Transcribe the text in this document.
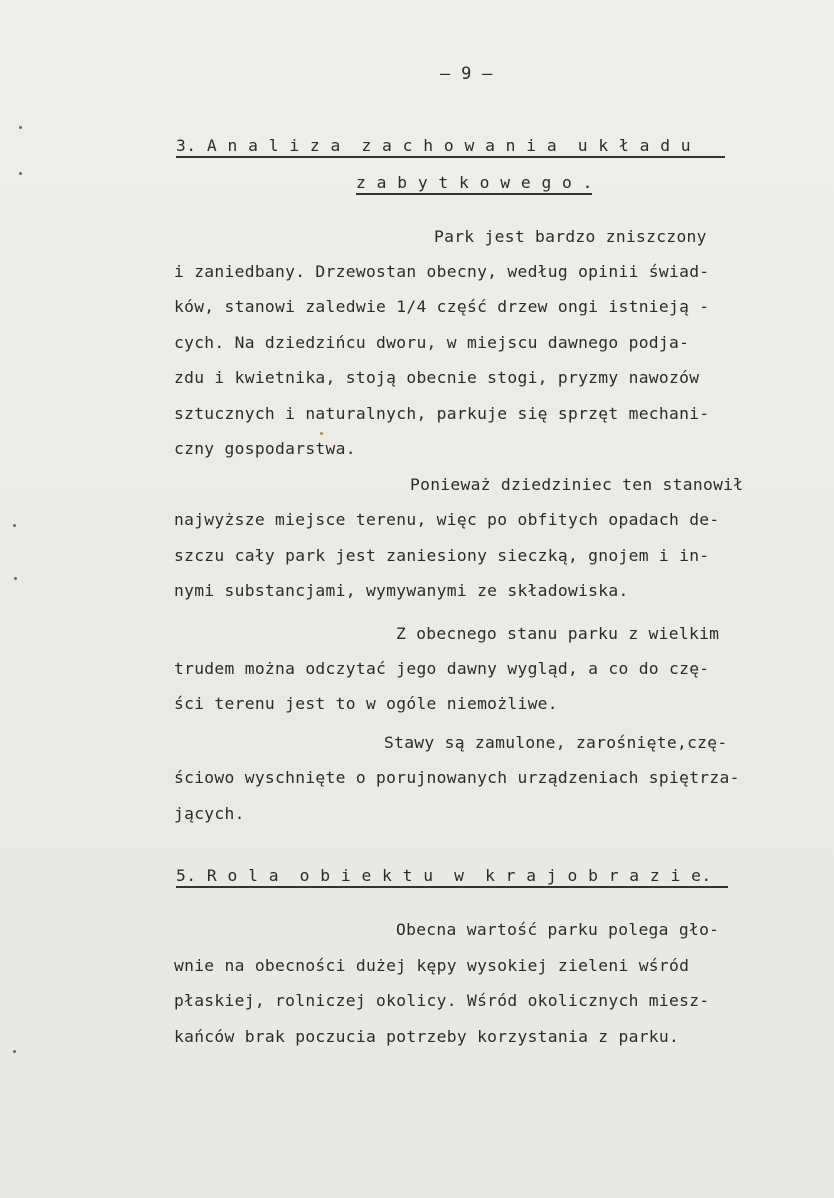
— 9 —
3. A n a l i z a  z a c h o w a n i a  u k ł a d u
z a b y t k o w e g o .
Park jest bardzo zniszczony
i zaniedbany. Drzewostan obecny, według opinii świad-
ków, stanowi zaledwie 1/4 część drzew ongi istnieją -
cych. Na dziedzińcu dworu, w miejscu dawnego podja-
zdu i kwietnika, stoją obecnie stogi, pryzmy nawozów
sztucznych i naturalnych, parkuje się sprzęt mechani-
czny gospodarstwa.
Ponieważ dziedziniec ten stanowił
najwyższe miejsce terenu, więc po obfitych opadach de-
szczu cały park jest zaniesiony sieczką, gnojem i in-
nymi substancjami, wymywanymi ze składowiska.
Z obecnego stanu parku z wielkim
trudem można odczytać jego dawny wygląd, a co do czę-
ści terenu jest to w ogóle niemożliwe.
Stawy są zamulone, zarośnięte,czę-
ściowo wyschnięte o porujnowanych urządzeniach spiętrza-
jących.
5. R o l a  o b i e k t u  w  k r a j o b r a z i e.
Obecna wartość parku polega gło-
wnie na obecności dużej kępy wysokiej zieleni wśród
płaskiej, rolniczej okolicy. Wśród okolicznych miesz-
kańców brak poczucia potrzeby korzystania z parku.
